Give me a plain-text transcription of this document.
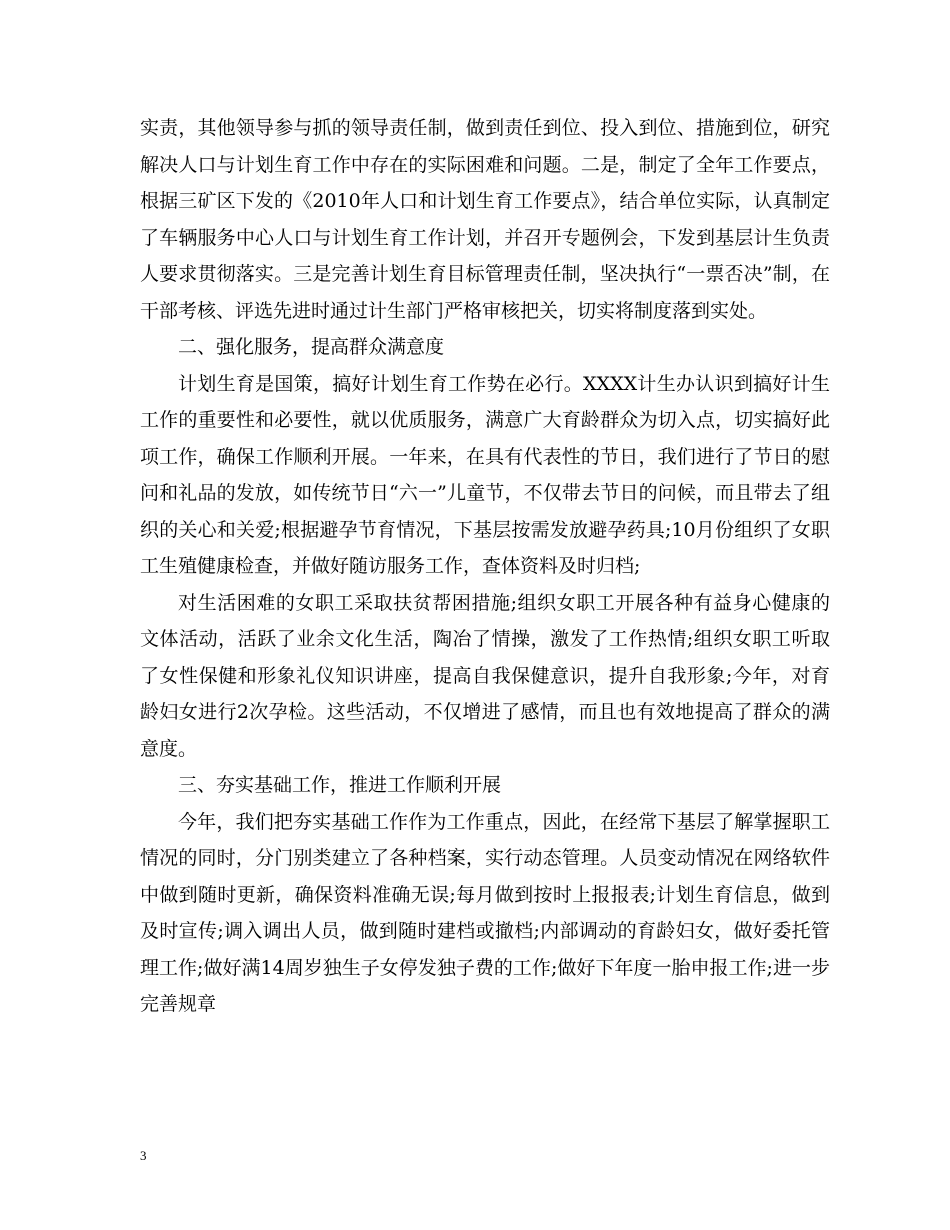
实责，其他领导参与抓的领导责任制，做到责任到位、投入到位、措施到位，研究解决人口与计划生育工作中存在的实际困难和问题。二是，制定了全年工作要点，根据三矿区下发的《2010年人口和计划生育工作要点》，结合单位实际，认真制定了车辆服务中心人口与计划生育工作计划，并召开专题例会，下发到基层计生负责人要求贯彻落实。三是完善计划生育目标管理责任制，坚决执行“一票否决”制，在干部考核、评选先进时通过计生部门严格审核把关，切实将制度落到实处。

二、强化服务，提高群众满意度

计划生育是国策，搞好计划生育工作势在必行。XXXX计生办认识到搞好计生工作的重要性和必要性，就以优质服务，满意广大育龄群众为切入点，切实搞好此项工作，确保工作顺利开展。一年来，在具有代表性的节日，我们进行了节日的慰问和礼品的发放，如传统节日“六一”儿童节，不仅带去节日的问候，而且带去了组织的关心和关爱;根据避孕节育情况，下基层按需发放避孕药具;10月份组织了女职工生殖健康检查，并做好随访服务工作，查体资料及时归档;

对生活困难的女职工采取扶贫帮困措施;组织女职工开展各种有益身心健康的文体活动，活跃了业余文化生活，陶冶了情操，激发了工作热情;组织女职工听取了女性保健和形象礼仪知识讲座，提高自我保健意识，提升自我形象;今年，对育龄妇女进行2次孕检。这些活动，不仅增进了感情，而且也有效地提高了群众的满意度。

三、夯实基础工作，推进工作顺利开展

今年，我们把夯实基础工作作为工作重点，因此，在经常下基层了解掌握职工情况的同时，分门别类建立了各种档案，实行动态管理。人员变动情况在网络软件中做到随时更新，确保资料准确无误;每月做到按时上报报表;计划生育信息，做到及时宣传;调入调出人员，做到随时建档或撤档;内部调动的育龄妇女，做好委托管理工作;做好满14周岁独生子女停发独子费的工作;做好下年度一胎申报工作;进一步完善规章

3
